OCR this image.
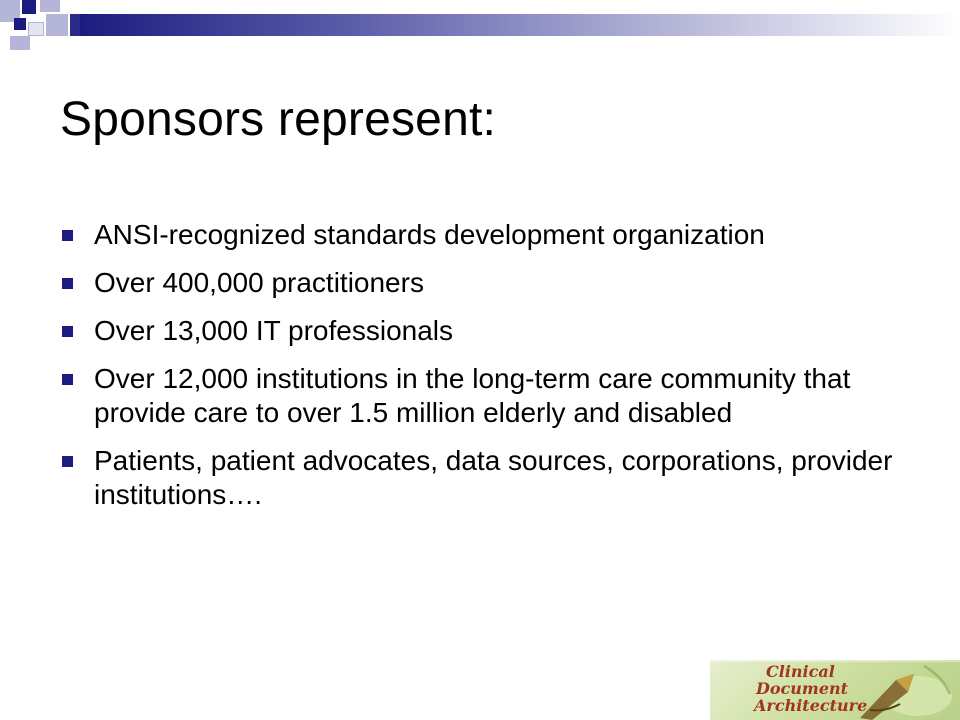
Sponsors represent:
ANSI-recognized standards development organization
Over 400,000 practitioners
Over 13,000 IT professionals
Over 12,000 institutions in the long-term care community that provide care to over 1.5 million elderly and disabled
Patients, patient advocates, data sources, corporations, provider institutions….
Clinical
Document
Architecture
